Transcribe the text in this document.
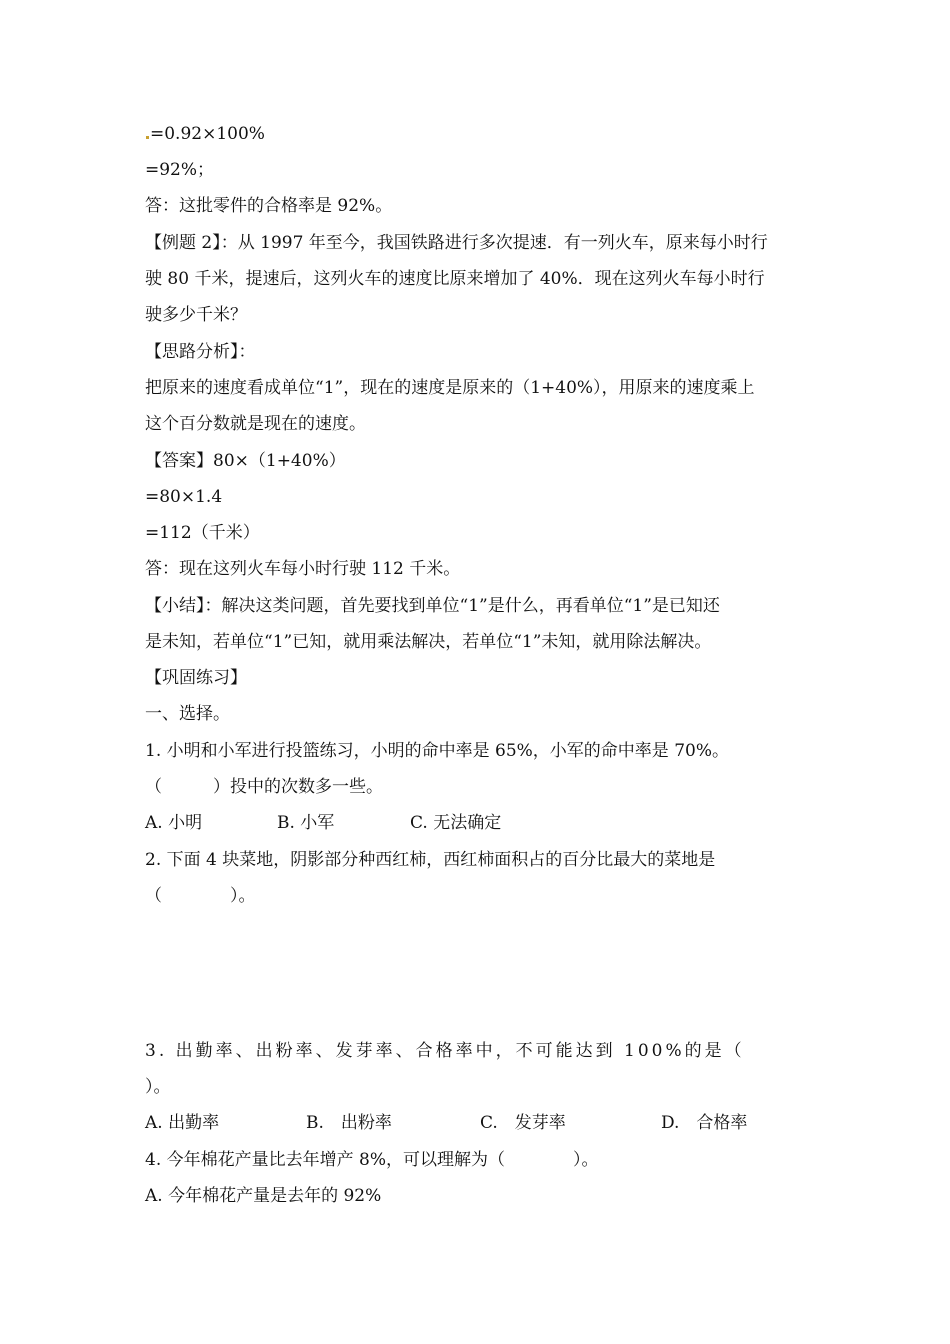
=0.92×100%
=92%；
答：这批零件的合格率是 92%。
【例题 2】：从 1997 年至今，我国铁路进行多次提速．有一列火车，原来每小时行
驶 80 千米，提速后，这列火车的速度比原来增加了 40%．现在这列火车每小时行
驶多少千米？
【思路分析】：
把原来的速度看成单位“1”，现在的速度是原来的（1+40%），用原来的速度乘上
这个百分数就是现在的速度。
【答案】80×（1+40%）
=80×1.4
=112（千米）
答：现在这列火车每小时行驶 112 千米。
【小结】：解决这类问题，首先要找到单位“1”是什么，再看单位“1”是已知还
是未知，若单位“1”已知，就用乘法解决，若单位“1”未知，就用除法解决。
【巩固练习】
一、选择。
1. 小明和小军进行投篮练习，小明的命中率是 65%，小军的命中率是 70%。
（　　　）投中的次数多一些。
A. 小明	B. 小军	C. 无法确定
2. 下面 4 块菜地，阴影部分种西红柿，西红柿面积占的百分比最大的菜地是
（　　　　）。
3. 出勤率、出粉率、发芽率、合格率中，不可能达到 100%的是（
）。
A. 出勤率	B.　出粉率	C.　发芽率	D.　合格率
4. 今年棉花产量比去年增产 8%，可以理解为（　　　　）。
A. 今年棉花产量是去年的 92%
